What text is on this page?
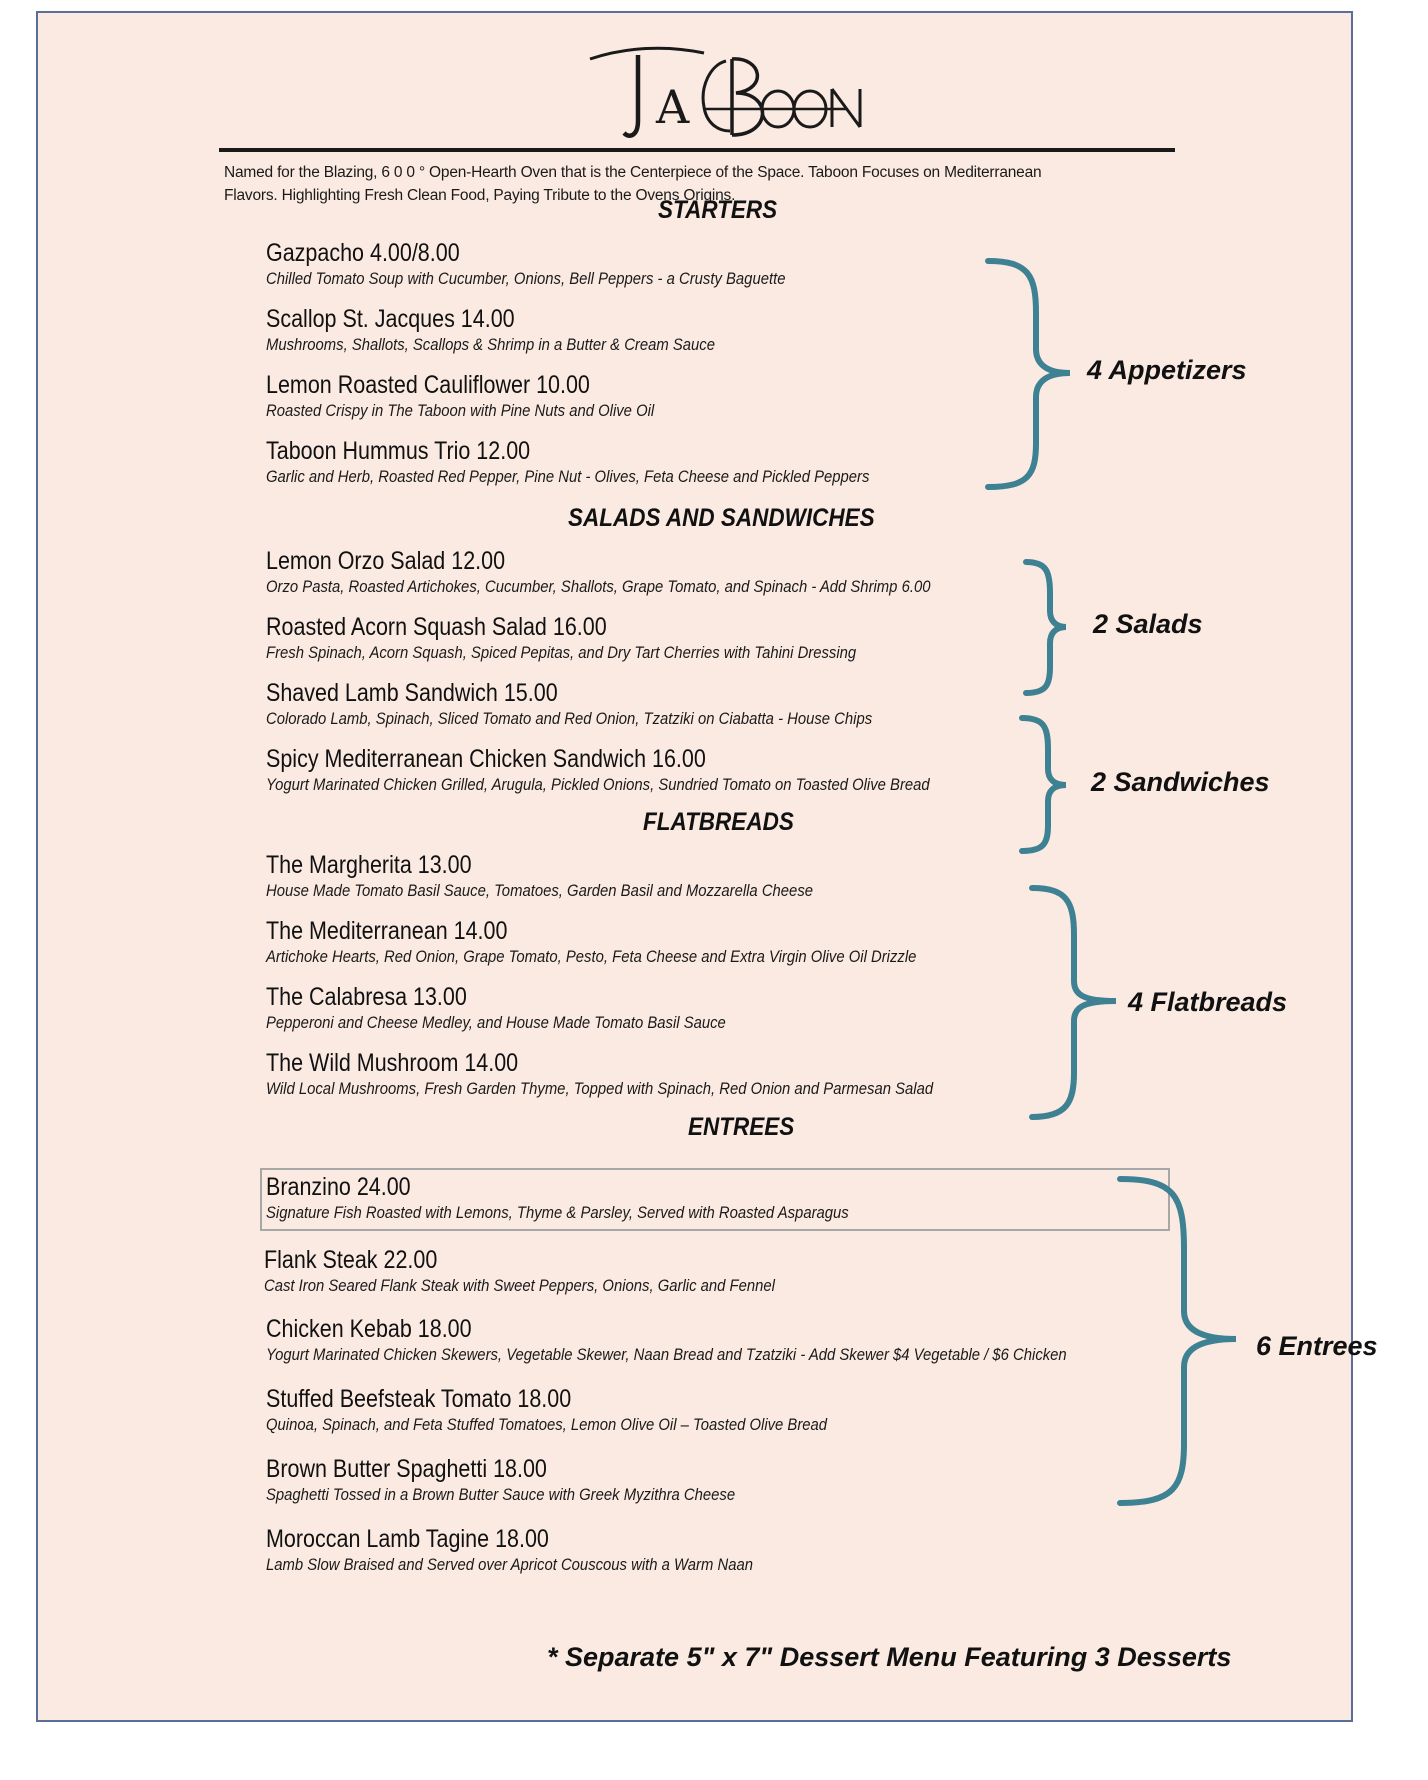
A
Named for the Blazing, 6 0 0 ° Open-Hearth Oven that is the Centerpiece of the Space. Taboon Focuses on Mediterranean
Flavors. Highlighting Fresh Clean Food, Paying Tribute to the Ovens Origins.
STARTERS
Gazpacho 4.00/8.00
Chilled Tomato Soup with Cucumber, Onions, Bell Peppers - a Crusty Baguette
Scallop St. Jacques 14.00
Mushrooms, Shallots, Scallops & Shrimp in a Butter & Cream Sauce
Lemon Roasted Cauliflower 10.00
Roasted Crispy in The Taboon with Pine Nuts and Olive Oil
Taboon Hummus Trio 12.00
Garlic and Herb, Roasted Red Pepper, Pine Nut - Olives, Feta Cheese and Pickled Peppers
SALADS AND SANDWICHES
Lemon Orzo Salad 12.00
Orzo Pasta, Roasted Artichokes, Cucumber, Shallots, Grape Tomato, and Spinach - Add Shrimp 6.00
Roasted Acorn Squash Salad 16.00
Fresh Spinach, Acorn Squash, Spiced Pepitas, and Dry Tart Cherries with Tahini Dressing
Shaved Lamb Sandwich 15.00
Colorado Lamb, Spinach, Sliced Tomato and Red Onion, Tzatziki on Ciabatta - House Chips
Spicy Mediterranean Chicken Sandwich 16.00
Yogurt Marinated Chicken Grilled, Arugula, Pickled Onions, Sundried Tomato on Toasted Olive Bread
FLATBREADS
The Margherita 13.00
House Made Tomato Basil Sauce, Tomatoes, Garden Basil and Mozzarella Cheese
The Mediterranean 14.00
Artichoke Hearts, Red Onion, Grape Tomato, Pesto, Feta Cheese and Extra Virgin Olive Oil Drizzle
The Calabresa 13.00
Pepperoni and Cheese Medley, and House Made Tomato Basil Sauce
The Wild Mushroom 14.00
Wild Local Mushrooms, Fresh Garden Thyme, Topped with Spinach, Red Onion and Parmesan Salad
ENTREES
Branzino 24.00
Signature Fish Roasted with Lemons, Thyme & Parsley, Served with Roasted Asparagus
Flank Steak 22.00
Cast Iron Seared Flank Steak with Sweet Peppers, Onions, Garlic and Fennel
Chicken Kebab 18.00
Yogurt Marinated Chicken Skewers, Vegetable Skewer, Naan Bread and Tzatziki - Add Skewer $4 Vegetable / $6 Chicken
Stuffed Beefsteak Tomato 18.00
Quinoa, Spinach, and Feta Stuffed Tomatoes, Lemon Olive Oil – Toasted Olive Bread
Brown Butter Spaghetti 18.00
Spaghetti Tossed in a Brown Butter Sauce with Greek Myzithra Cheese
Moroccan Lamb Tagine 18.00
Lamb Slow Braised and Served over Apricot Couscous with a Warm Naan
4 Appetizers
2 Salads
2 Sandwiches
4 Flatbreads
6 Entrees
* Separate 5" x 7" Dessert Menu Featuring 3 Desserts
